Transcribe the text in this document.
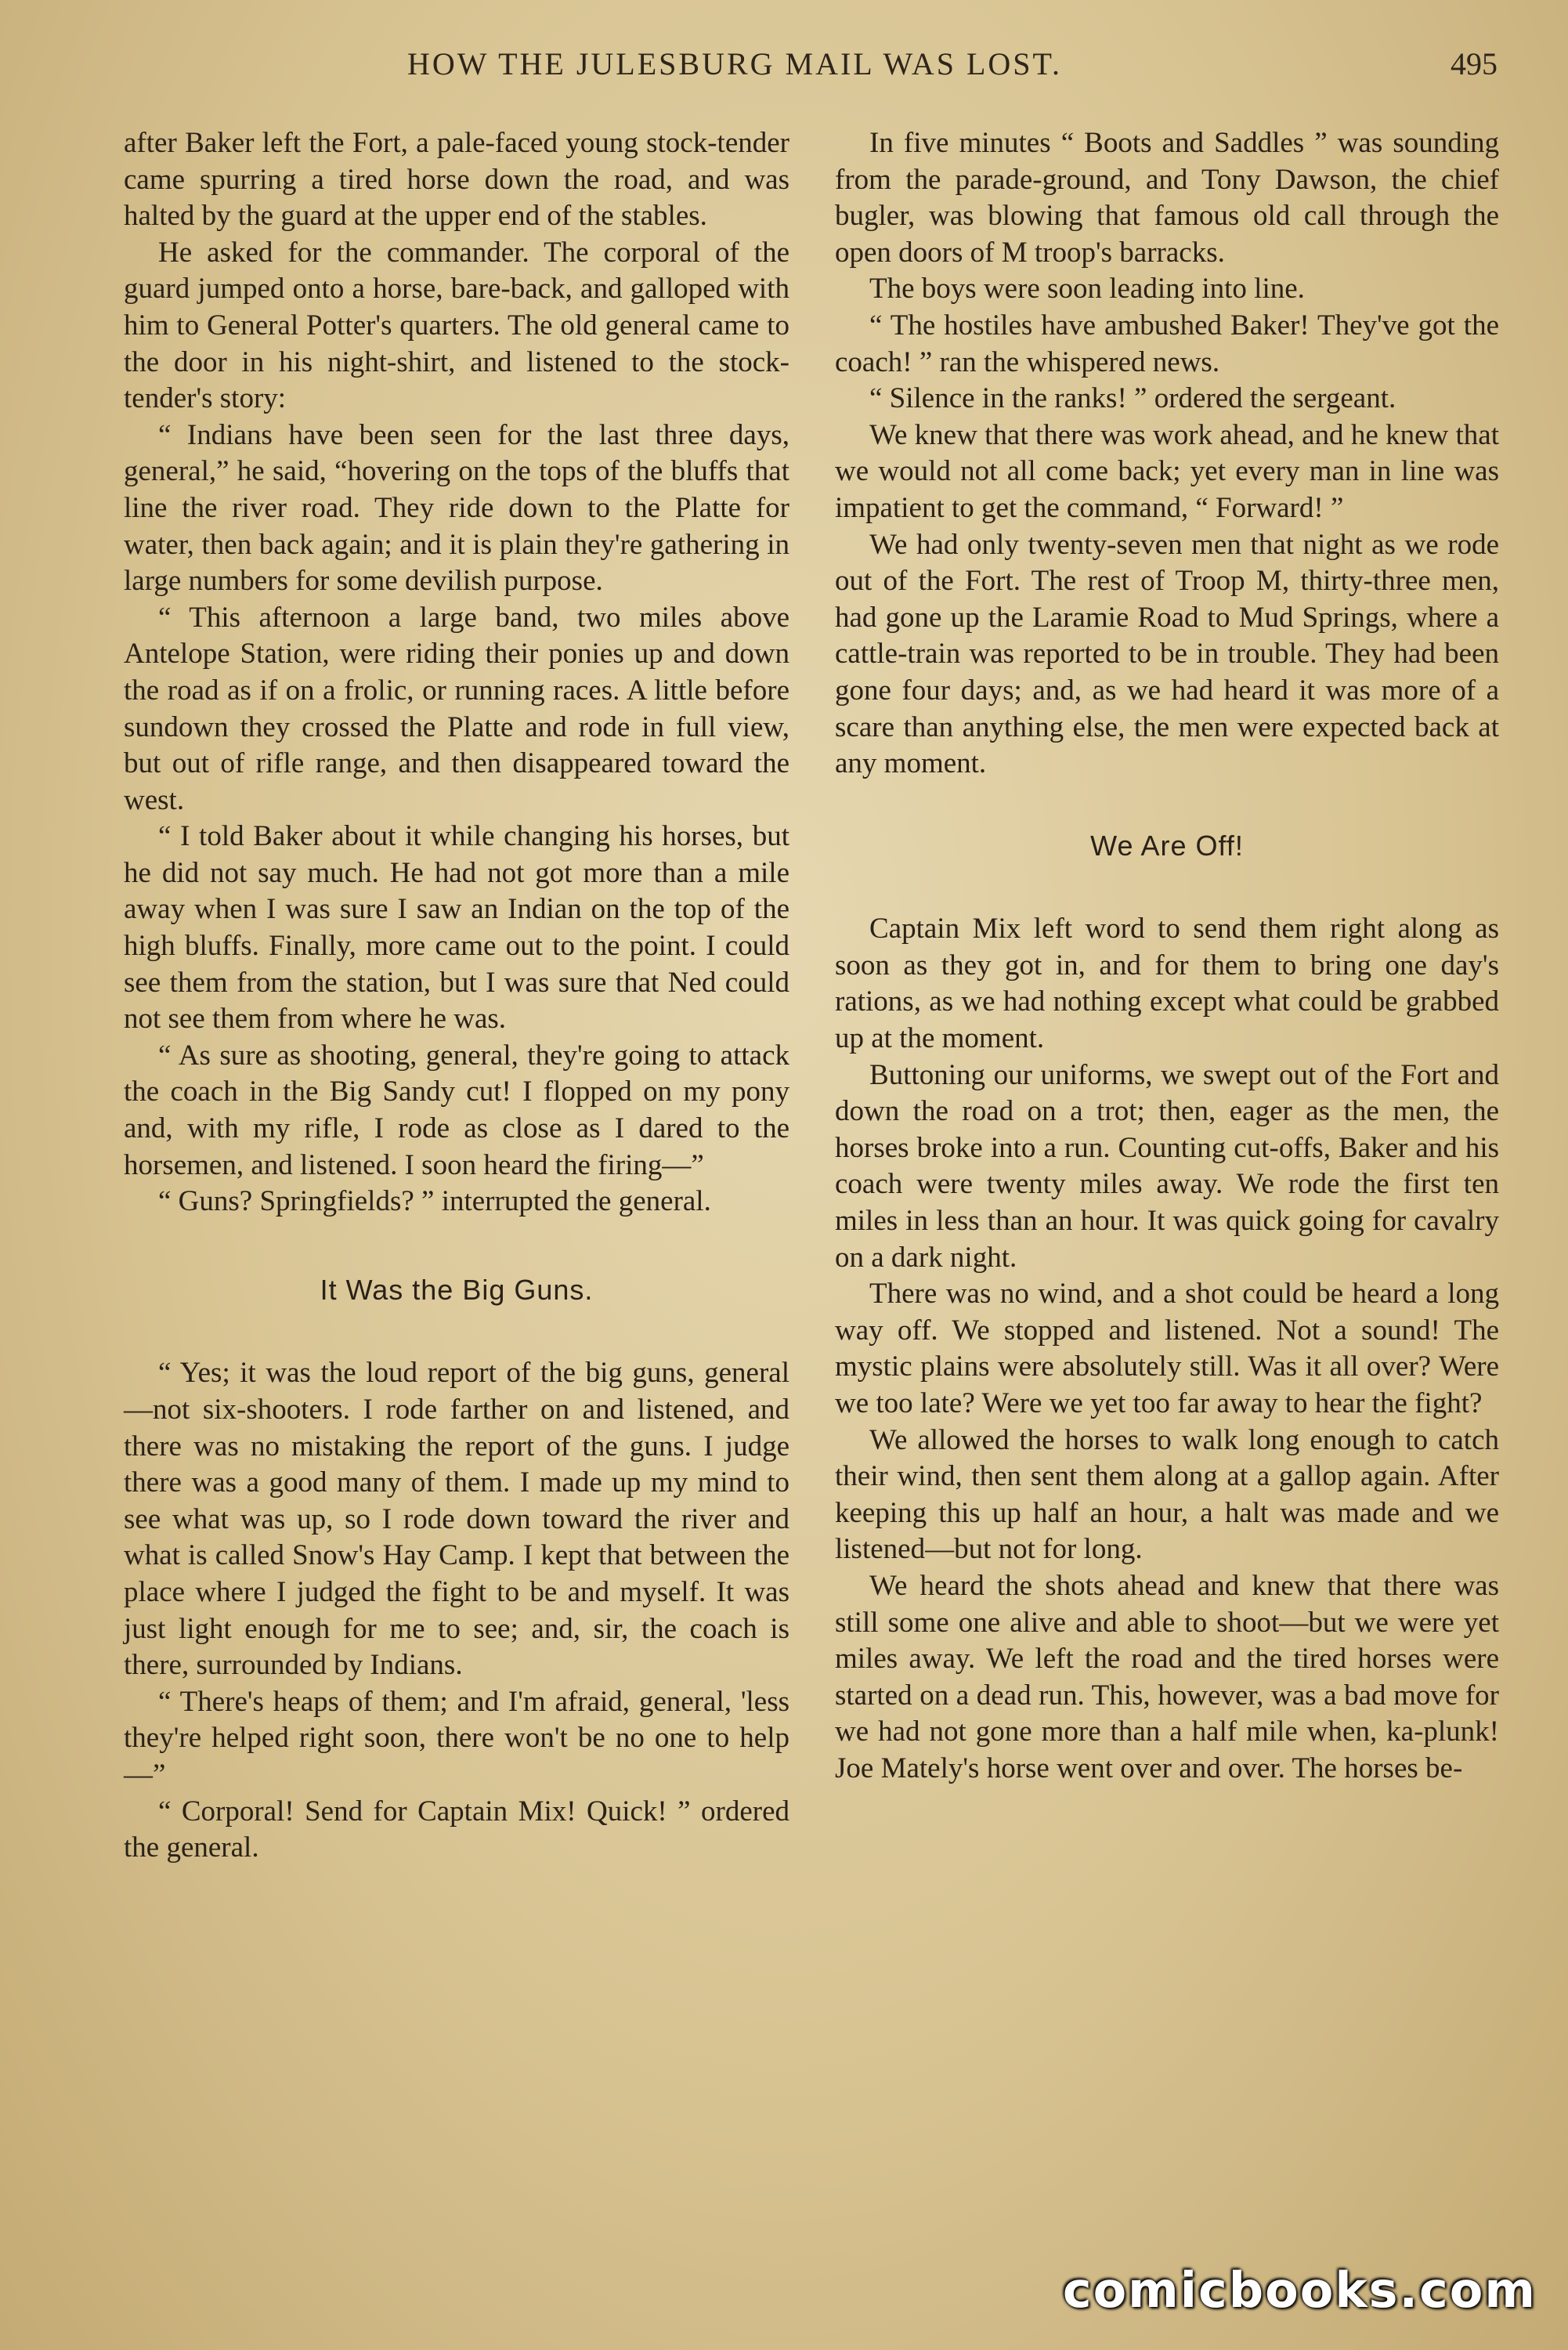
HOW THE JULESBURG MAIL WAS LOST.	495

after Baker left the Fort, a pale-faced young stock-tender came spurring a tired horse down the road, and was halted by the guard at the upper end of the stables.

He asked for the commander. The corporal of the guard jumped onto a horse, bare-back, and galloped with him to General Potter's quarters. The old general came to the door in his night-shirt, and listened to the stock-tender's story:

“ Indians have been seen for the last three days, general,” he said, “hovering on the tops of the bluffs that line the river road. They ride down to the Platte for water, then back again; and it is plain they're gathering in large numbers for some devilish purpose.

“ This afternoon a large band, two miles above Antelope Station, were riding their ponies up and down the road as if on a frolic, or running races. A little before sundown they crossed the Platte and rode in full view, but out of rifle range, and then disappeared toward the west.

“ I told Baker about it while changing his horses, but he did not say much. He had not got more than a mile away when I was sure I saw an Indian on the top of the high bluffs. Finally, more came out to the point. I could see them from the station, but I was sure that Ned could not see them from where he was.

“ As sure as shooting, general, they're going to attack the coach in the Big Sandy cut! I flopped on my pony and, with my rifle, I rode as close as I dared to the horsemen, and listened. I soon heard the firing—”

“ Guns? Springfields? ” interrupted the general.

It Was the Big Guns.

“ Yes; it was the loud report of the big guns, general—not six-shooters. I rode farther on and listened, and there was no mistaking the report of the guns. I judge there was a good many of them. I made up my mind to see what was up, so I rode down toward the river and what is called Snow's Hay Camp. I kept that between the place where I judged the fight to be and myself. It was just light enough for me to see; and, sir, the coach is there, surrounded by Indians.

“ There's heaps of them; and I'm afraid, general, 'less they're helped right soon, there won't be no one to help—”

“ Corporal! Send for Captain Mix! Quick! ” ordered the general.

In five minutes “ Boots and Saddles ” was sounding from the parade-ground, and Tony Dawson, the chief bugler, was blowing that famous old call through the open doors of M troop's barracks.

The boys were soon leading into line.

“ The hostiles have ambushed Baker! They've got the coach! ” ran the whispered news.

“ Silence in the ranks! ” ordered the sergeant.

We knew that there was work ahead, and he knew that we would not all come back; yet every man in line was impatient to get the command, “ Forward! ”

We had only twenty-seven men that night as we rode out of the Fort. The rest of Troop M, thirty-three men, had gone up the Laramie Road to Mud Springs, where a cattle-train was reported to be in trouble. They had been gone four days; and, as we had heard it was more of a scare than anything else, the men were expected back at any moment.

We Are Off!

Captain Mix left word to send them right along as soon as they got in, and for them to bring one day's rations, as we had nothing except what could be grabbed up at the moment.

Buttoning our uniforms, we swept out of the Fort and down the road on a trot; then, eager as the men, the horses broke into a run. Counting cut-offs, Baker and his coach were twenty miles away. We rode the first ten miles in less than an hour. It was quick going for cavalry on a dark night.

There was no wind, and a shot could be heard a long way off. We stopped and listened. Not a sound! The mystic plains were absolutely still. Was it all over? Were we too late? Were we yet too far away to hear the fight?

We allowed the horses to walk long enough to catch their wind, then sent them along at a gallop again. After keeping this up half an hour, a halt was made and we listened—but not for long.

We heard the shots ahead and knew that there was still some one alive and able to shoot—but we were yet miles away. We left the road and the tired horses were started on a dead run. This, however, was a bad move for we had not gone more than a half mile when, ka-plunk! Joe Mately's horse went over and over. The horses be-

comicbooks.com
